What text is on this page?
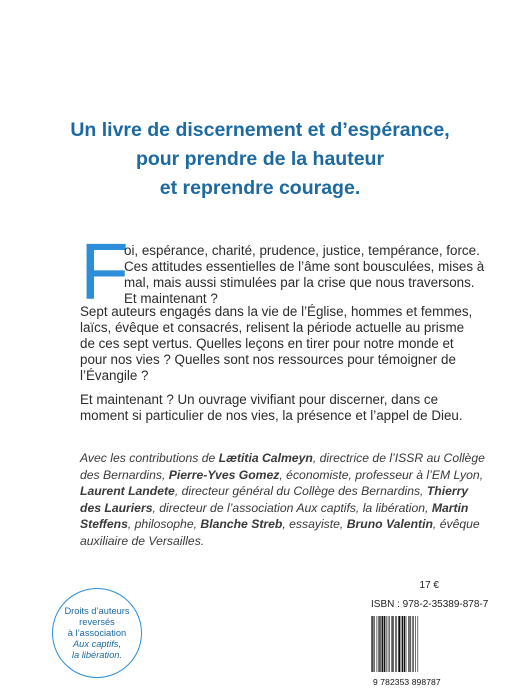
Un livre de discernement et d’espérance,
pour prendre de la hauteur
et reprendre courage.
F
oi, espérance, charité, prudence, justice, tempérance, force.
Ces attitudes essentielles de l’âme sont bousculées, mises à
mal, mais aussi stimulées par la crise que nous traversons.
Et maintenant ?
Sept auteurs engagés dans la vie de l’Église, hommes et femmes,
laïcs, évêque et consacrés, relisent la période actuelle au prisme
de ces sept vertus. Quelles leçons en tirer pour notre monde et
pour nos vies ? Quelles sont nos ressources pour témoigner de
l’Évangile ?
Et maintenant ? Un ouvrage vivifiant pour discerner, dans ce
moment si particulier de nos vies, la présence et l’appel de Dieu.
Avec les contributions de Lætitia Calmeyn, directrice de l’ISSR au Collège
des Bernardins, Pierre-Yves Gomez, économiste, professeur à l’EM Lyon,
Laurent Landete, directeur général du Collège des Bernardins, Thierry
des Lauriers, directeur de l’association Aux captifs, la libération, Martin
Steffens, philosophe, Blanche Streb, essayiste, Bruno Valentin, évêque
auxiliaire de Versailles.
Droits d’auteurs
reversés
à l’association
Aux captifs,
la libération.
17 €
ISBN : 978-2-35389-878-7
9 782353 898787
